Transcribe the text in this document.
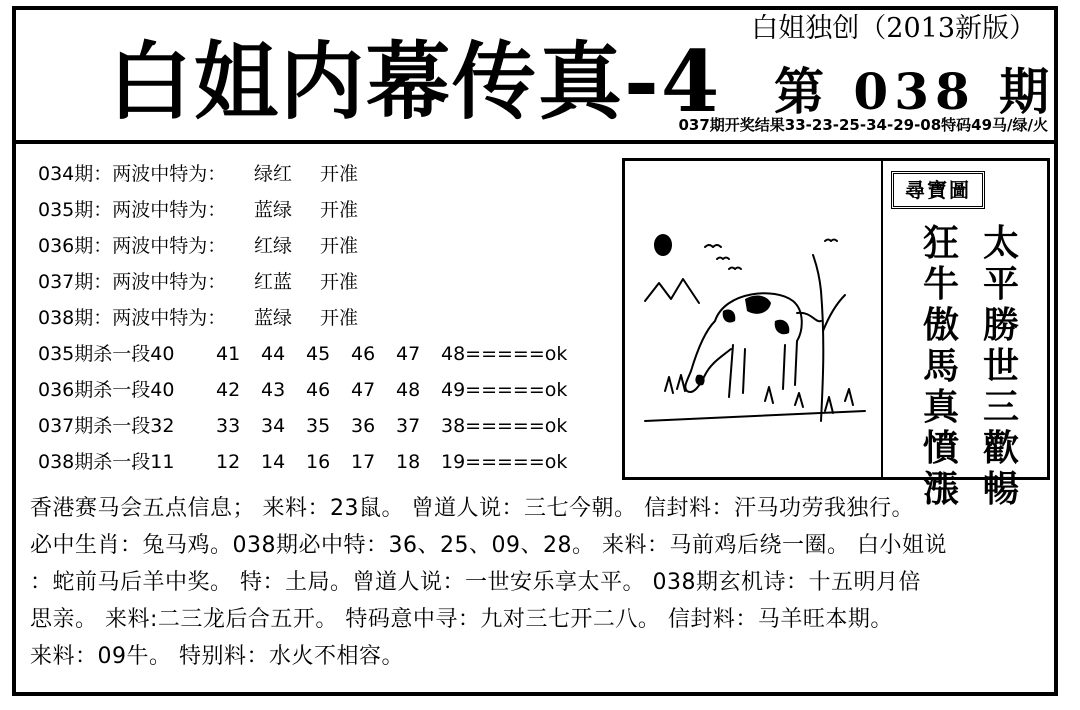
白姐内幕传真-4
白姐独创（2013新版）
第 038 期
037期开奖结果33-23-25-34-29-08特码49马/绿/火
034期：两波中特为： 绿红 开准
035期：两波中特为： 蓝绿 开准
036期：两波中特为： 红绿 开准
037期：两波中特为： 红蓝 开准
038期：两波中特为： 蓝绿 开准
035期杀一段40	41	44	45	46	47	48=====ok
036期杀一段40	42	43	46	47	48	49=====ok
037期杀一段32	33	34	35	36	37	38=====ok
038期杀一段11	12	14	16	17	18	19=====ok
尋寶圖
太平勝世三歡暢
狂牛傲馬真憤漲
香港赛马会五点信息； 来料：23鼠。 曾道人说：三七今朝。 信封料：汗马功劳我独行。
必中生肖：兔马鸡。038期必中特：36、25、09、28。 来料：马前鸡后绕一圈。 白小姐说
：蛇前马后羊中奖。 特：土局。曾道人说：一世安乐享太平。 038期玄机诗：十五明月倍
思亲。 来料:二三龙后合五开。 特码意中寻：九对三七开二八。 信封料：马羊旺本期。
来料：09牛。 特别料：水火不相容。
